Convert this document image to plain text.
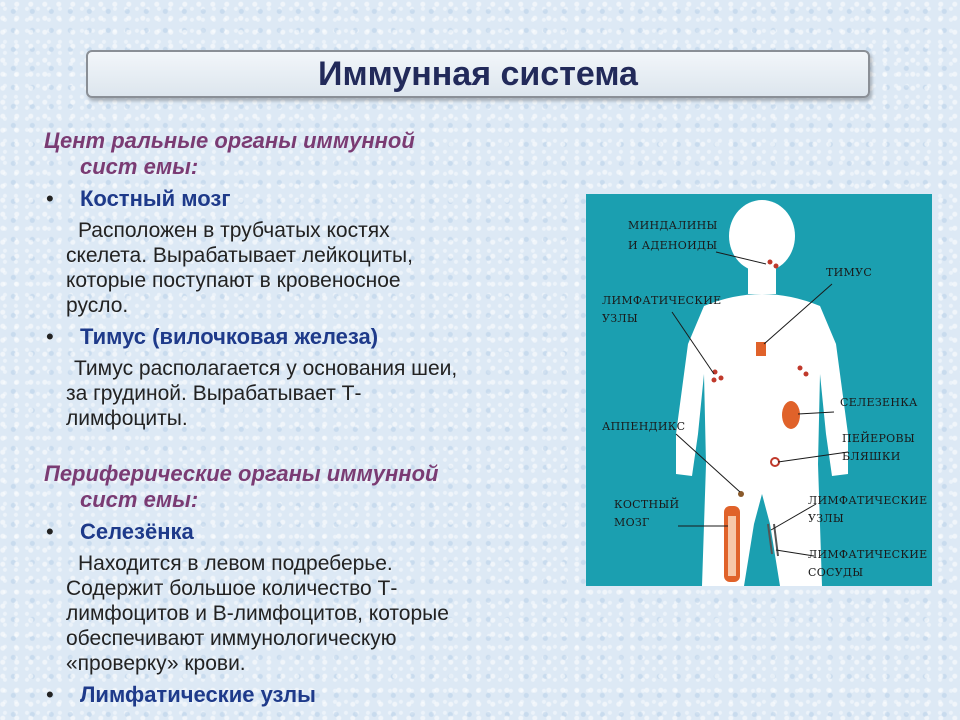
Иммунная система

Цент ральные органы иммунной
сист емы:

• Костный мозг

Расположен в трубчатых костях
скелета. Вырабатывает лейкоциты,
которые поступают в кровеносное
русло.

• Тимус (вилочковая железа)

Тимус располагается у основания шеи,
за грудиной. Вырабатывает Т-
лимфоциты.

Периферические органы иммунной
сист емы:

• Селезёнка

Находится в левом подреберье.
Содержит большое количество Т-
лимфоцитов и В-лимфоцитов, которые
обеспечивают иммунологическую
«проверку» крови.

• Лимфатические узлы
МИНДАЛИНЫ
И АДЕНОИДЫ
ТИМУС
ЛИМФАТИЧЕСКИЕ
УЗЛЫ
СЕЛЕЗЕНКА
АППЕНДИКС
ПЕЙЕРОВЫ
БЛЯШКИ
КОСТНЫЙ
МОЗГ
ЛИМФАТИЧЕСКИЕ
УЗЛЫ
ЛИМФАТИЧЕСКИЕ
СОСУДЫ
